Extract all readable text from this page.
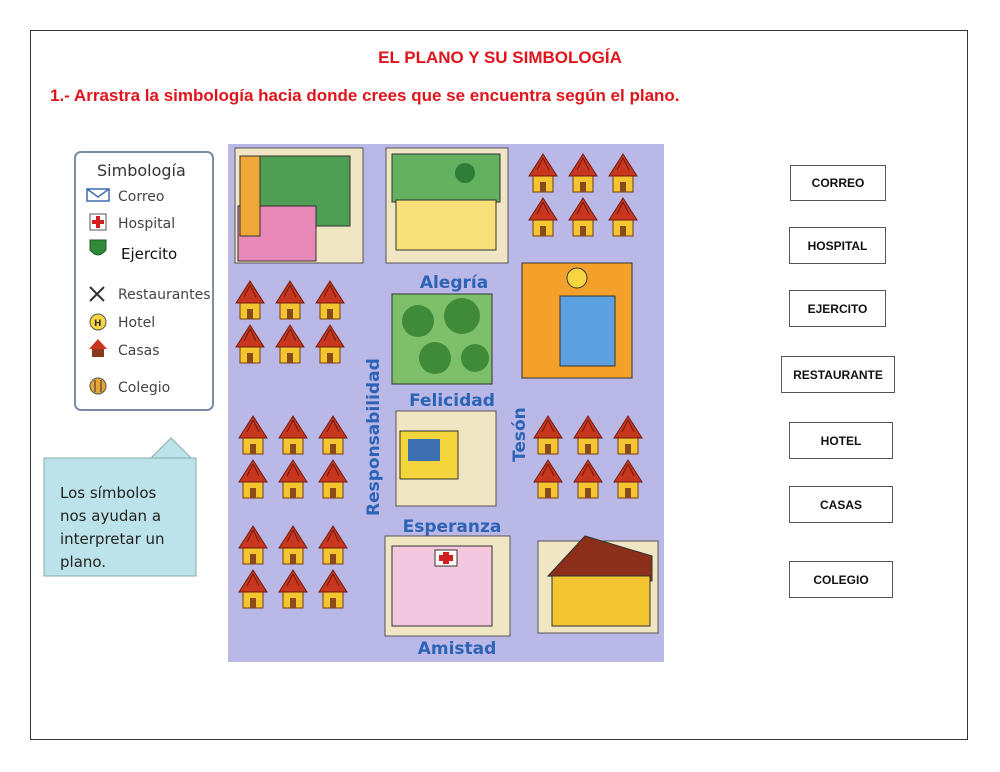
EL PLANO Y SU SIMBOLOGÍA
1.- Arrastra la simbología hacia donde crees que se encuentra según el plano.
Alegría
Felicidad
Esperanza
Amistad
Responsabilidad	Tesón
Simbología
Correo
Hospital
Ejercito
Restaurantes
H Hotel
Casas
Colegio
Los símbolos
nos ayudan a
interpretar un
plano.
CORREO
HOSPITAL
EJERCITO
RESTAURANTE
HOTEL
CASAS
COLEGIO
